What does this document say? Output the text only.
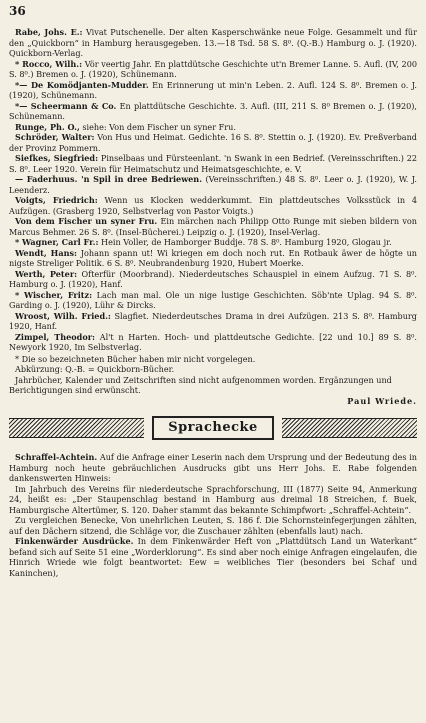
36

Rabe, Johs. E.: Vivat Putschenelle. Der alten Kasperschwänke neue Folge. Gesammelt und für den „Quickborn“ in Hamburg herausgegeben. 13.—18 Tsd. 58 S. 8⁰. (Q.-B.) Hamburg o. J. (1920). Quickborn-Verlag.

* Rocco, Wilh.: Vör veertig Jahr. En plattdütsche Geschichte ut'n Bremer Lanne. 5. Aufl. (IV, 200 S. 8⁰.) Bremen o. J. (1920), Schünemann.

*— De Komödjanten-Mudder. En Erinnerung ut min'n Leben. 2. Aufl. 124 S. 8⁰. Bremen o. J. (1920), Schünemann.

*— Scheermann & Co. En plattdütsche Geschichte. 3. Aufl. (III, 211 S. 8⁰ Bremen o. J. (1920), Schünemann.

Runge, Ph. O., siehe: Von dem Fischer un syner Fru.

Schröder, Walter: Von Hus und Heimat. Gedichte. 16 S. 8⁰. Stettin o. J. (1920). Ev. Preßverband der Provinz Pommern.

Siefkes, Siegfried: Pinselbaas und Fürsteenlant. 'n Swank in een Bedrief. (Vereinsschriften.) 22 S. 8⁰. Leer 1920. Verein für Heimatschutz und Heimatsgeschichte, e. V.

— Faderhuus. 'n Spil in dree Bedriewen. (Vereinsschriften.) 48 S. 8⁰. Leer o. J. (1920), W. J. Leenderz.

Voigts, Friedrich: Wenn us Klocken wedderkummt. Ein plattdeutsches Volksstück in 4 Aufzügen. (Grasberg 1920, Selbstverlag von Pastor Voigts.)

Von dem Fischer un syner Fru. Ein märchen nach Philipp Otto Runge mit sieben bildern von Marcus Behmer. 26 S. 8⁰. (Insel-Bücherei.) Leipzig o. J. (1920), Insel-Verlag.

* Wagner, Carl Fr.: Hein Voller, de Hamborger Buddje. 78 S. 8⁰. Hamburg 1920, Glogau jr.

Wendt, Hans: Johann spann ut! Wi kriegen em doch noch rut. En Rotbauk äwer de högte un nigste Streliger Politik. 6 S. 8⁰. Neubrandenburg 1920, Hubert Moerke.

Werth, Peter: Ofterfür (Moorbrand). Niederdeutsches Schauspiel in einem Aufzug. 71 S. 8⁰. Hamburg o. J. (1920), Hanf.

* Wischer, Fritz: Lach man mal. Ole un nige lustige Geschichten. Söb'nte Uplag. 94 S. 8⁰. Garding o. J. (1920), Lühr & Dircks.

Wroost, Wilh. Fried.: Slagfiet. Niederdeutsches Drama in drei Aufzügen. 213 S. 8⁰. Hamburg 1920, Hanf.

Zimpel, Theodor: Al't n Harten. Hoch- und plattdeutsche Gedichte. [22 und 10.] 89 S. 8⁰. Newyork 1920, Im Selbstverlag.

* Die so bezeichneten Bücher haben mir nicht vorgelegen.

Abkürzung: Q.-B. = Quickborn-Bücher.

Jahrbücher, Kalender und Zeitschriften sind nicht aufgenommen worden. Ergänzungen und Berichtigungen sind erwünscht.
Paul Wriede.
Sprachecke

Schraffel-Achtein. Auf die Anfrage einer Leserin nach dem Ursprung und der Bedeutung des in Hamburg noch heute gebräuchlichen Ausdrucks gibt uns Herr Johs. E. Rabe folgenden dankenswerten Hinweis:

Im Jahrbuch des Vereins für niederdeutsche Sprachforschung, III (1877) Seite 94, Anmerkung 24, heißt es: „Der Staupenschlag bestand in Hamburg aus dreimal 18 Streichen, f. Buek, Hamburgische Altertümer, S. 120. Daher stammt das bekannte Schimpfwort: „Schraffel-Achtein“.

Zu vergleichen Benecke, Von unehrlichen Leuten, S. 186 f. Die Schornsteinfegerjungen zählten, auf den Dächern sitzend, die Schläge vor, die Zuschauer zählten (ebenfalls laut) nach.

Finkenwärder Ausdrücke. In dem Finkenwärder Heft von „Plattdütsch Land un Waterkant“ befand sich auf Seite 51 eine „Worderklorung“. Es sind aber noch einige Anfragen eingelaufen, die Hinrich Wriede wie folgt beantwortet: Eew = weibliches Tier (besonders bei Schaf und Kaninchen),
